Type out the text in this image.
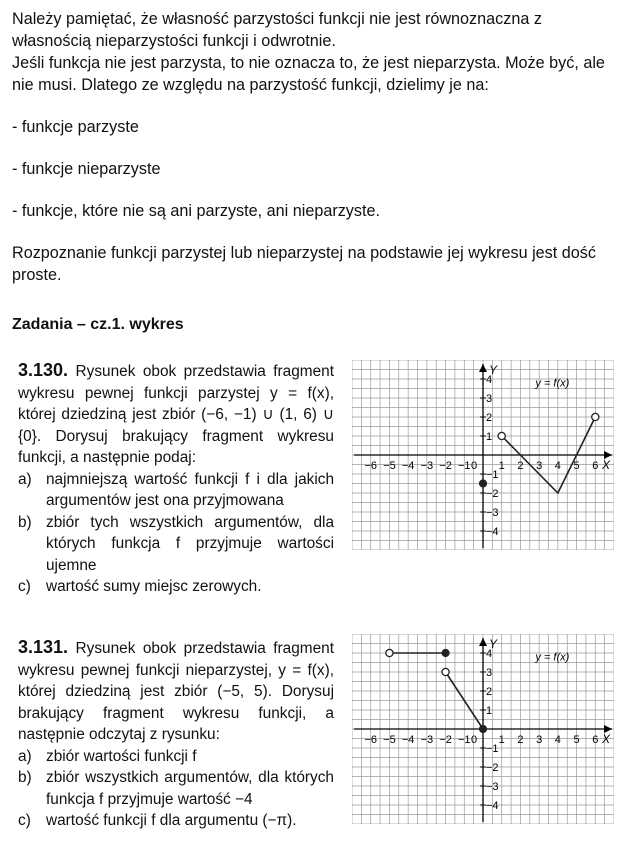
Należy pamiętać, że własność parzystości funkcji nie jest równoznaczna z własnością nieparzystości funkcji i odwrotnie.

Jeśli funkcja nie jest parzysta, to nie oznacza to, że jest nieparzysta. Może być, ale nie musi. Dlatego ze względu na parzystość funkcji, dzielimy je na:

- funkcje parzyste

- funkcje nieparzyste

- funkcje, które nie są ani parzyste, ani nieparzyste.

Rozpoznanie funkcji parzystej lub nieparzystej na podstawie jej wykresu jest dość proste.

Zadania – cz.1. wykres

3.130. Rysunek obok przedstawia fragment wykresu pewnej funkcji parzystej y = f(x), której dziedziną jest zbiór (−6, −1) ∪ (1, 6) ∪ {0}. Dorysuj brakujący fragment wykresu funkcji, a następnie podaj:

a) najmniejszą wartość funkcji f i dla jakich argumentów jest ona przyjmowana
b) zbiór tych wszystkich argumentów, dla których funkcja f przyjmuje wartości ujemne
c) wartość sumy miejsc zerowych.

3.131. Rysunek obok przedstawia fragment wykresu pewnej funkcji nieparzystej, y = f(x), której dziedziną jest zbiór (−5, 5). Dorysuj brakujący fragment wykresu funkcji, a następnie odczytaj z rysunku:

a) zbiór wartości funkcji f
b) zbiór wszystkich argumentów, dla których funkcja f przyjmuje wartość −4
c) wartość funkcji f dla argumentu (−π).
X
Y
−6 −5 −4 −3 −2 −1 0 1 2 3 4 5 6
4
3
2
1
−1
−2
−3
−4
y = f(x)
X
Y
−6 −5 −4 −3 −2 −1 0 1 2 3 4 5 6
4
3
2
1
−1
−2
−3
−4
y = f(x)
